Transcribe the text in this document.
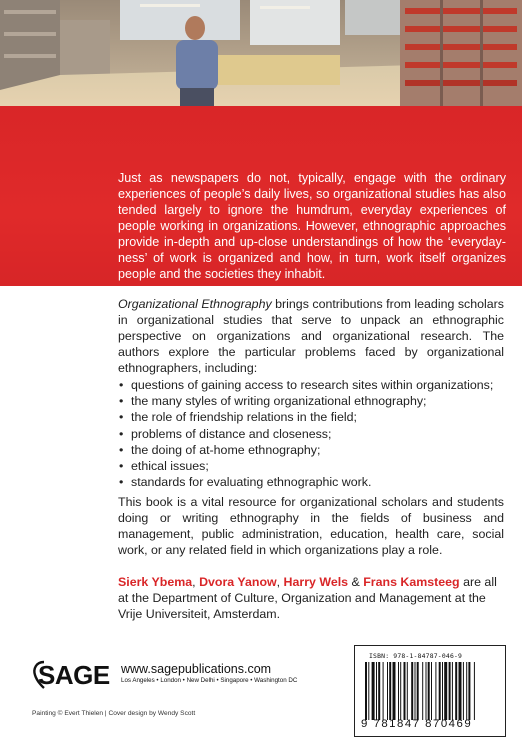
Just as newspapers do not, typically, engage with the ordinary experiences of people’s daily lives, so organizational studies has also tended largely to ignore the humdrum, everyday experiences of people working in organizations. However, ethnographic approaches provide in-depth and up-close understandings of how the ‘everyday-ness’ of work is organized and how, in turn, work itself organizes people and the societies they inhabit.

Organizational Ethnography brings contributions from leading scholars in organizational studies that serve to unpack an ethnographic perspective on organizations and organizational research. The authors explore the particular problems faced by organizational ethnographers, including:

• questions of gaining access to research sites within organizations;
• the many styles of writing organizational ethnography;
• the role of friendship relations in the field;
• problems of distance and closeness;
• the doing of at-home ethnography;
• ethical issues;
• standards for evaluating ethnographic work.

This book is a vital resource for organizational scholars and students doing or writing ethnography in the fields of business and management, public administration, education, health care, social work, or any related field in which organizations play a role.

Sierk Ybema, Dvora Yanow, Harry Wels & Frans Kamsteeg are all at the Department of Culture, Organization and Management at the Vrije Universiteit, Amsterdam.

SAGE www.sagepublications.com
Los Angeles • London • New Delhi • Singapore • Washington DC
Painting © Evert Thielen | Cover design by Wendy Scott
ISBN: 978-1-84787-046-9
9 781847 870469
